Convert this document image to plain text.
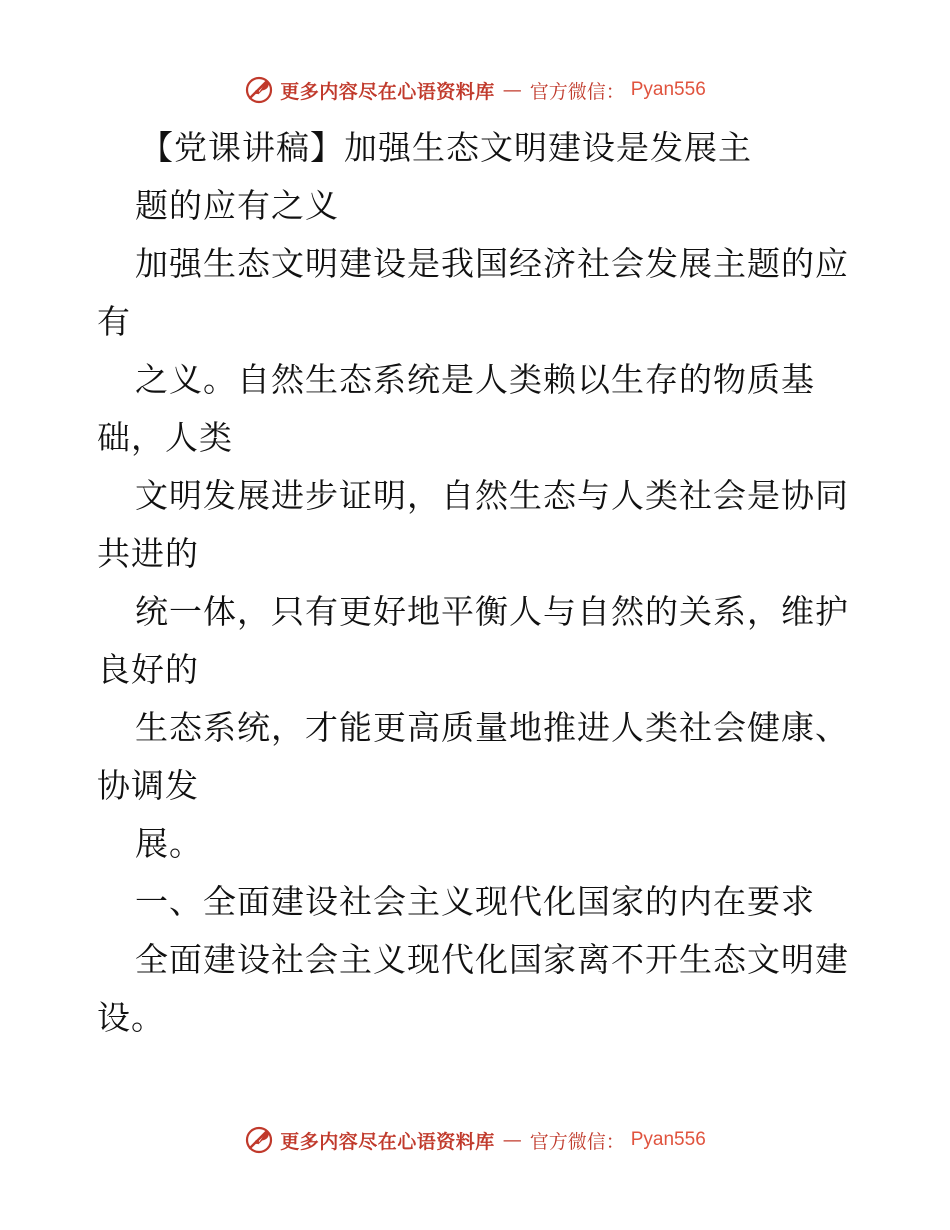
更多内容尽在心语资料库 — 官方微信： Pyan556
【党课讲稿】加强生态文明建设是发展主
题的应有之义
加强生态文明建设是我国经济社会发展主题的应
有
之义。自然生态系统是人类赖以生存的物质基
础，人类
文明发展进步证明，自然生态与人类社会是协同
共进的
统一体，只有更好地平衡人与自然的关系，维护
良好的
生态系统，才能更高质量地推进人类社会健康、
协调发
展。
一、全面建设社会主义现代化国家的内在要求
全面建设社会主义现代化国家离不开生态文明建
设。
更多内容尽在心语资料库 — 官方微信： Pyan556
